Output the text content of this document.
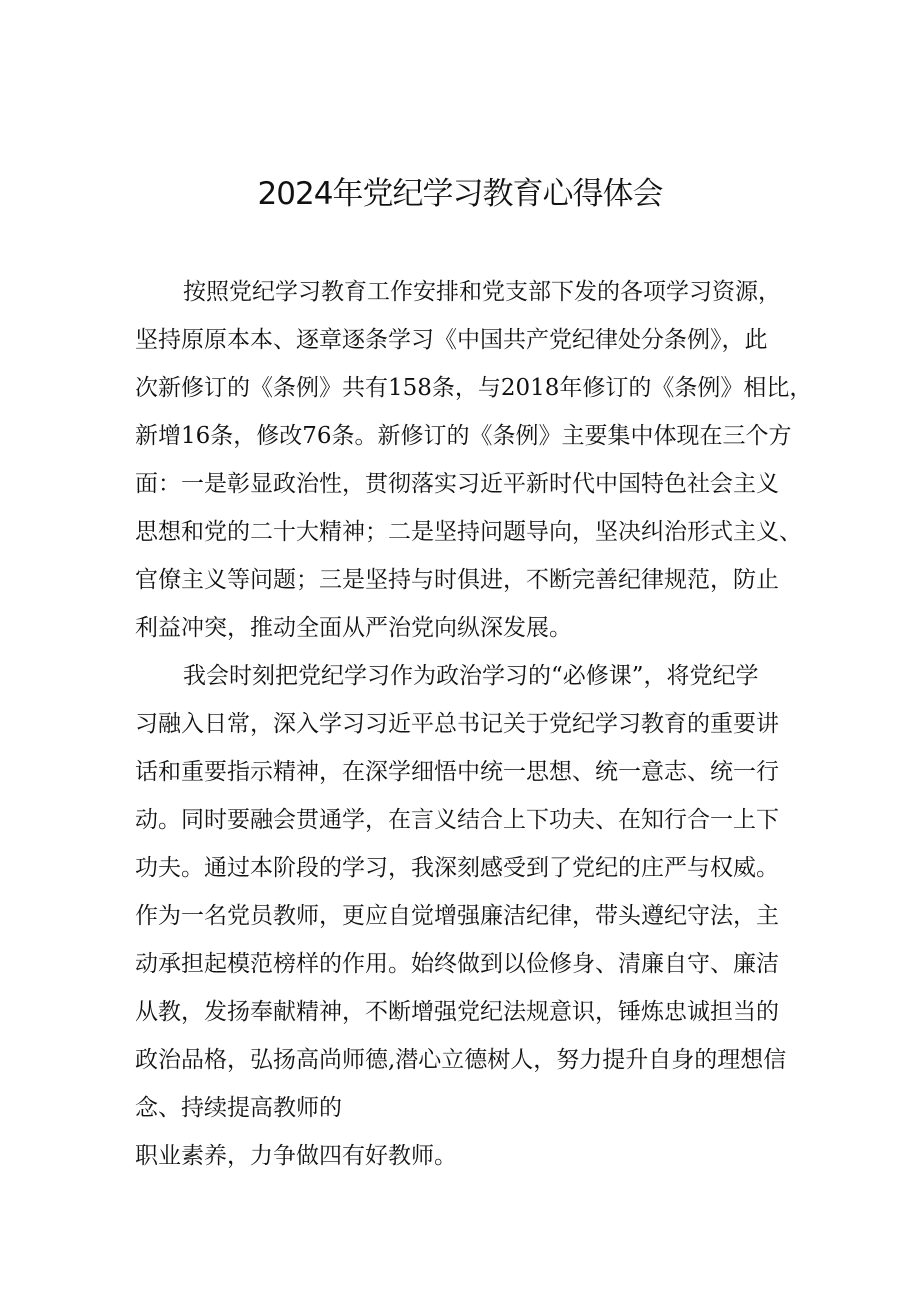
2024年党纪学习教育心得体会
按照党纪学习教育工作安排和党支部下发的各项学习资源，
坚持原原本本、逐章逐条学习《中国共产党纪律处分条例》，此
次新修订的《条例》共有158条，与2018年修订的《条例》相比，
新增16条，修改76条。新修订的《条例》主要集中体现在三个方
面：一是彰显政治性，贯彻落实习近平新时代中国特色社会主义
思想和党的二十大精神；二是坚持问题导向，坚决纠治形式主义、
官僚主义等问题；三是坚持与时俱进，不断完善纪律规范，防止
利益冲突，推动全面从严治党向纵深发展。
我会时刻把党纪学习作为政治学习的“必修课”，将党纪学
习融入日常，深入学习习近平总书记关于党纪学习教育的重要讲
话和重要指示精神，在深学细悟中统一思想、统一意志、统一行
动。同时要融会贯通学，在言义结合上下功夫、在知行合一上下
功夫。通过本阶段的学习，我深刻感受到了党纪的庄严与权威。
作为一名党员教师，更应自觉增强廉洁纪律，带头遵纪守法，主
动承担起模范榜样的作用。始终做到以俭修身、清廉自守、廉洁
从教，发扬奉献精神，不断增强党纪法规意识，锤炼忠诚担当的
政治品格，弘扬高尚师德,潜心立德树人，努力提升自身的理想信
念、持续提高教师的
职业素养，力争做四有好教师。
